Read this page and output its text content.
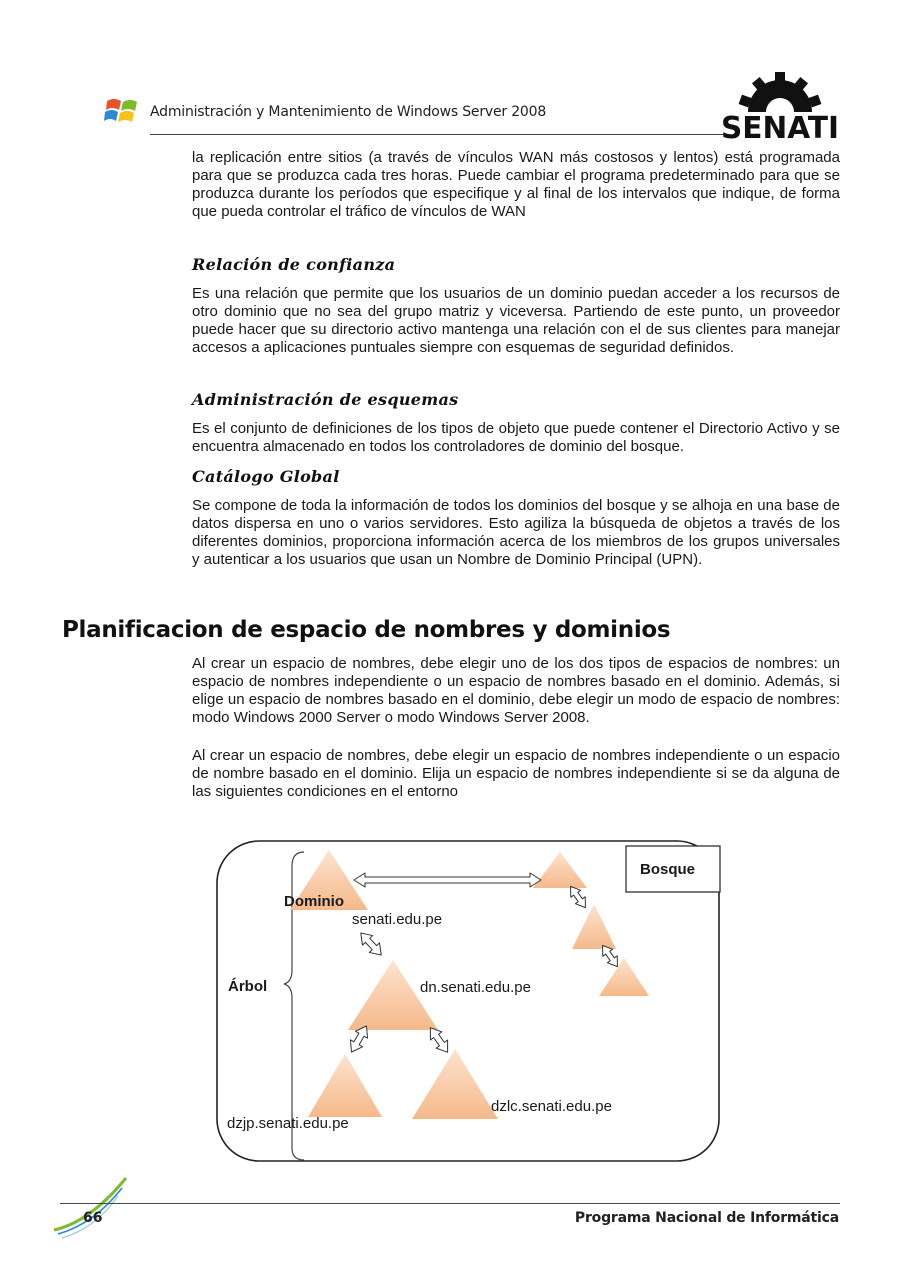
Administración y Mantenimiento de Windows Server 2008	SENATI

la replicación entre sitios (a través de vínculos WAN más costosos y lentos) está programada para que se produzca cada tres horas. Puede cambiar el programa predeterminado para que se produzca durante los períodos que especifique y al final de los intervalos que indique, de forma que pueda controlar el tráfico de vínculos de WAN

Relación de confianza

Es una relación que permite que los usuarios de un dominio puedan acceder a los recursos de otro dominio que no sea del grupo matriz y viceversa. Partiendo de este punto, un proveedor puede hacer que su directorio activo mantenga una relación con el de sus clientes para manejar accesos a aplicaciones puntuales siempre con esquemas de seguridad definidos.

Administración de esquemas

Es el conjunto de definiciones de los tipos de objeto que puede contener el Directorio Activo y se encuentra almacenado en todos los controladores de dominio del bosque.

Catálogo Global

Se compone de toda la información de todos los dominios del bosque y se alhoja en una base de datos dispersa en uno o varios servidores. Esto agiliza la búsqueda de objetos a través de los diferentes dominios, proporciona información acerca de los miembros de los grupos universales y autenticar a los usuarios que usan un Nombre de Dominio Principal (UPN).

Planificacion de espacio de nombres y dominios

Al crear un espacio de nombres, debe elegir uno de los dos tipos de espacios de nombres: un espacio de nombres independiente o un espacio de nombres basado en el dominio. Además, si elige un espacio de nombres basado en el dominio, debe elegir un modo de espacio de nombres: modo Windows 2000 Server o modo Windows Server 2008.

Al crear un espacio de nombres, debe elegir un espacio de nombres independiente o un espacio de nombre basado en el dominio. Elija un espacio de nombres independiente si se da alguna de las siguientes condiciones en el entorno

Bosque
Árbol
Dominio
senati.edu.pe
dn.senati.edu.pe
dzjp.senati.edu.pe
dzlc.senati.edu.pe
66	Programa Nacional de Informática
